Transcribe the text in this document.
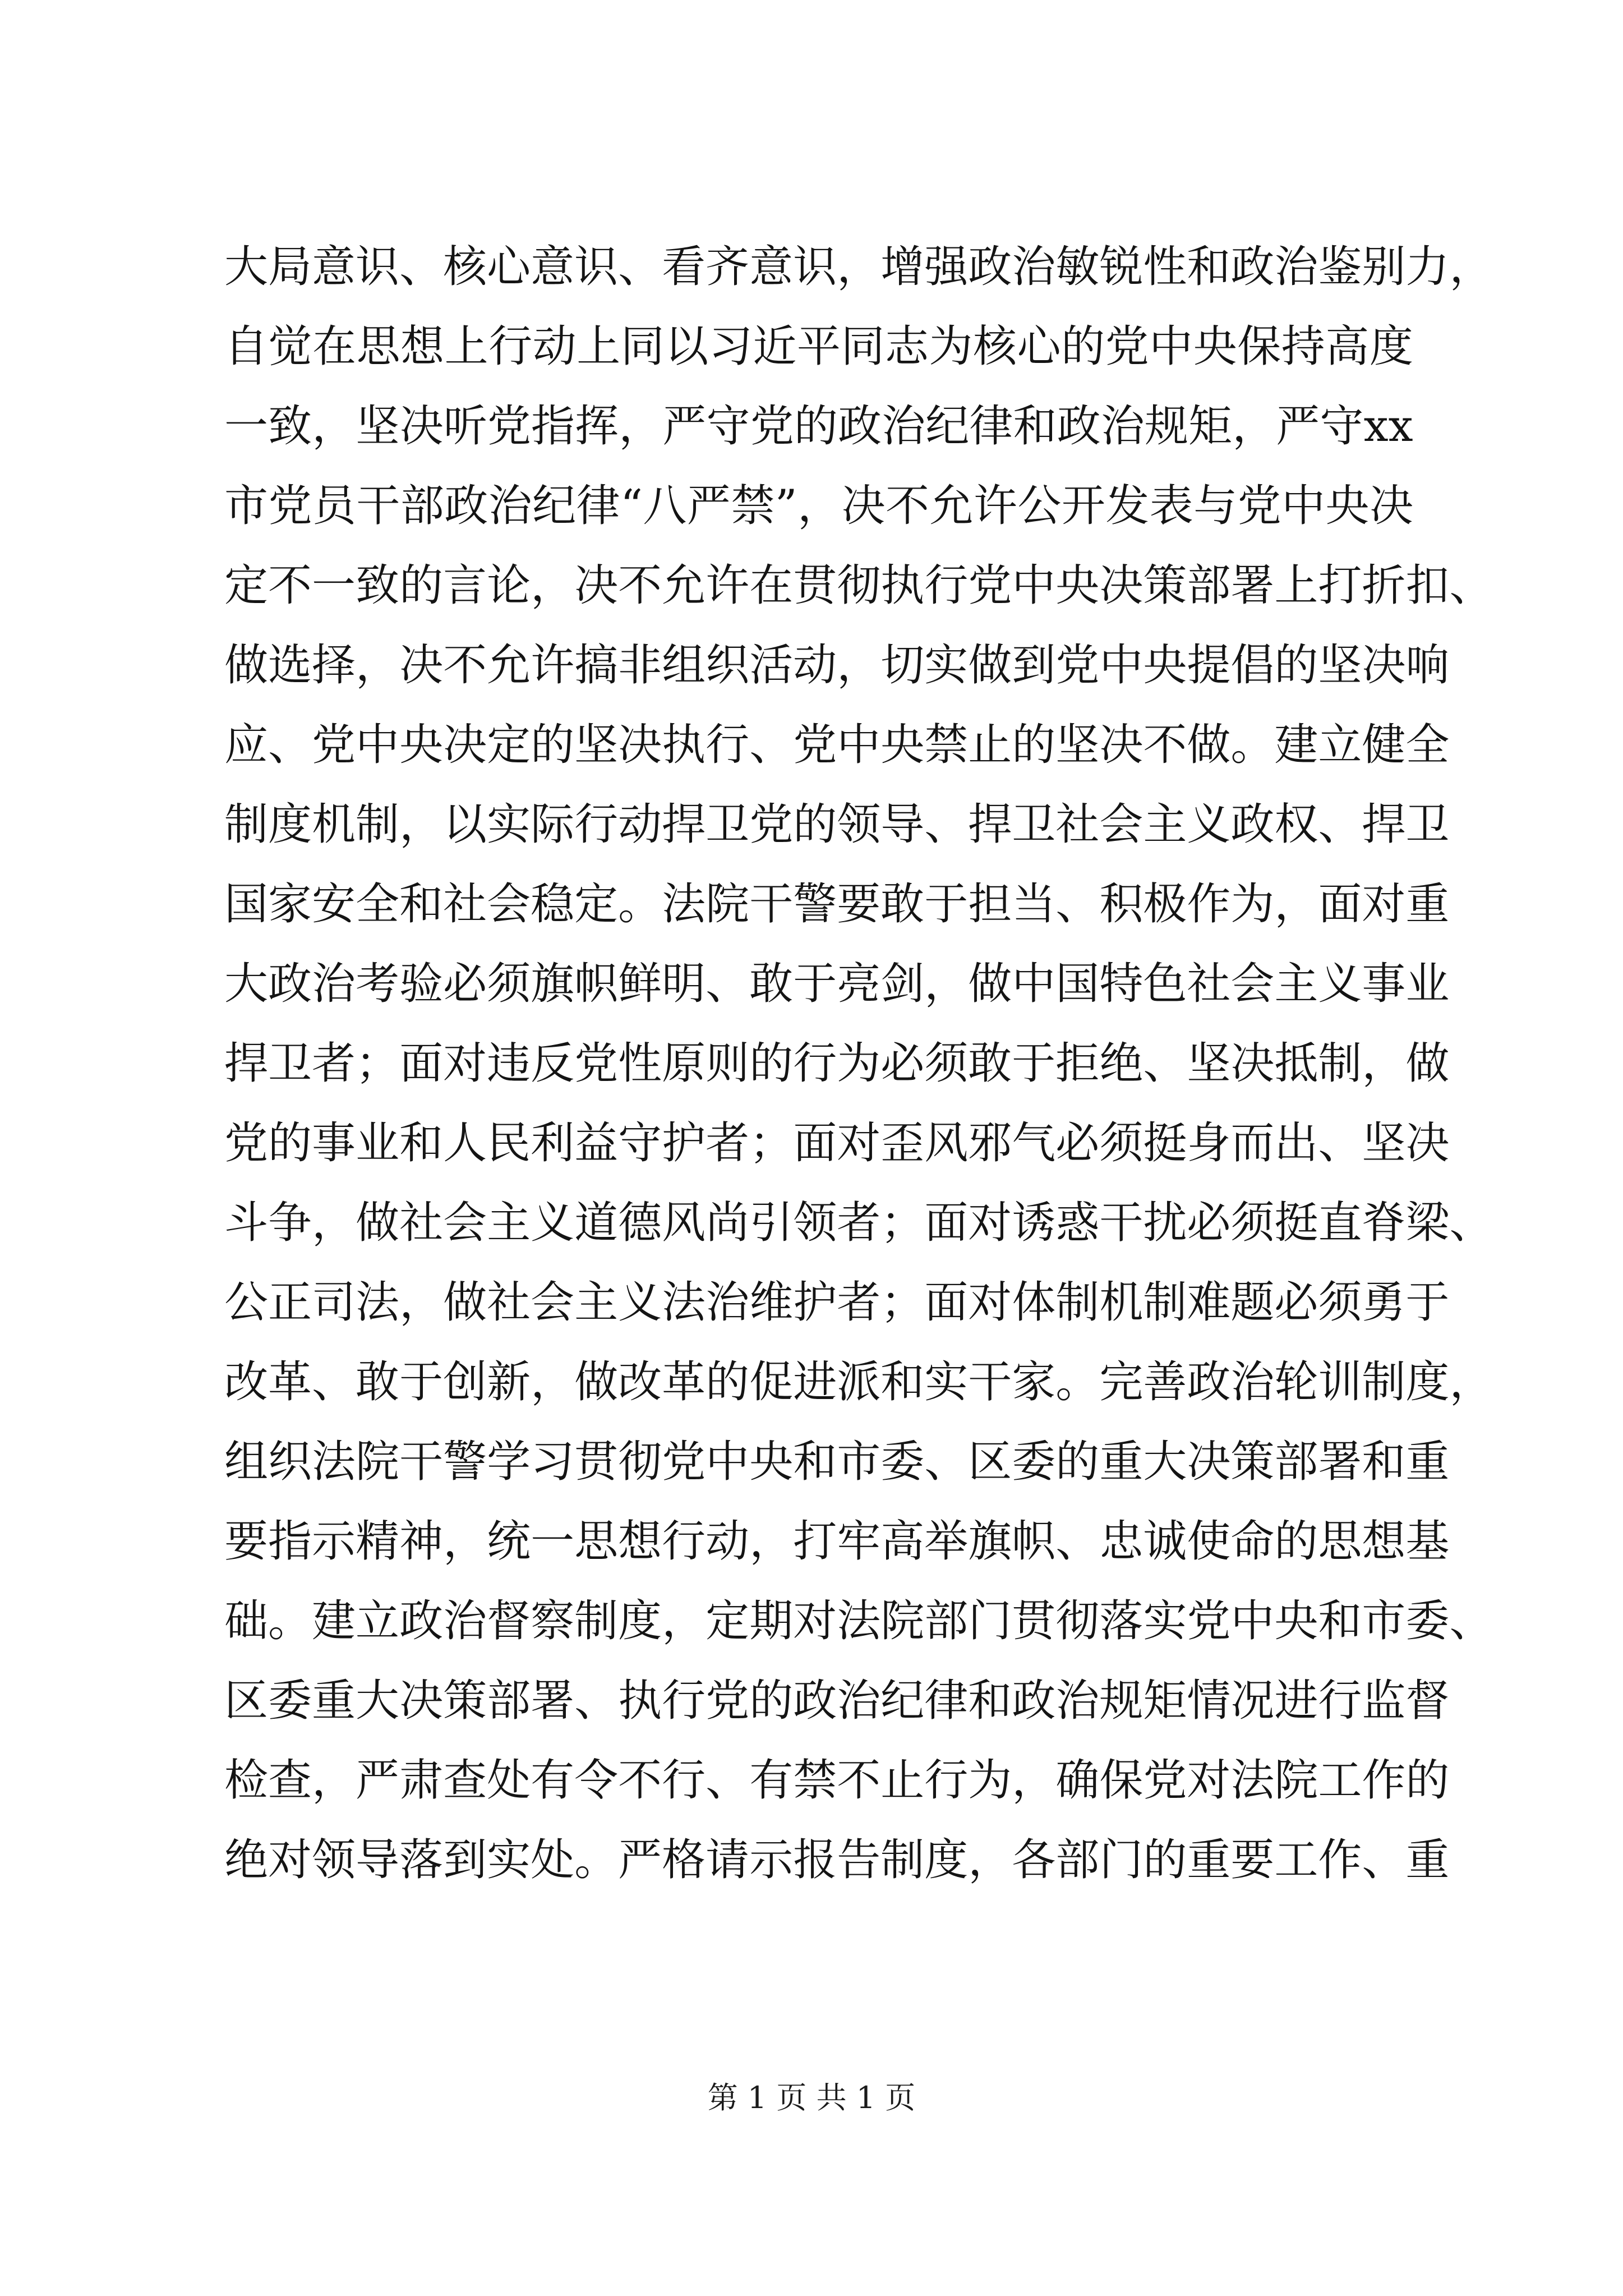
大 局 意 识 、 核 心 意 识 、 看 齐 意 识 ， 增 强 政 治 敏 锐 性 和 政 治 鉴 别 力 ，
自 觉 在 思 想 上 行 动 上 同 以 习 近 平 同 志 为 核 心 的 党 中 央 保 持 高 度
一 致 ， 坚 决 听 党 指 挥 ， 严 守 党 的 政 治 纪 律 和 政 治 规 矩 ， 严 守 xx
市 党 员 干 部 政 治 纪 律 “ 八 严 禁 ” ， 决 不 允 许 公 开 发 表 与 党 中 央 决
定 不 一 致 的 言 论 ， 决 不 允 许 在 贯 彻 执 行 党 中 央 决 策 部 署 上 打 折 扣 、
做 选 择 ， 决 不 允 许 搞 非 组 织 活 动 ， 切 实 做 到 党 中 央 提 倡 的 坚 决 响
应 、 党 中 央 决 定 的 坚 决 执 行 、 党 中 央 禁 止 的 坚 决 不 做 。 建 立 健 全
制 度 机 制 ， 以 实 际 行 动 捍 卫 党 的 领 导 、 捍 卫 社 会 主 义 政 权 、 捍 卫
国 家 安 全 和 社 会 稳 定 。 法 院 干 警 要 敢 于 担 当 、 积 极 作 为 ， 面 对 重
大 政 治 考 验 必 须 旗 帜 鲜 明 、 敢 于 亮 剑 ， 做 中 国 特 色 社 会 主 义 事 业
捍 卫 者 ； 面 对 违 反 党 性 原 则 的 行 为 必 须 敢 于 拒 绝 、 坚 决 抵 制 ， 做
党 的 事 业 和 人 民 利 益 守 护 者 ； 面 对 歪 风 邪 气 必 须 挺 身 而 出 、 坚 决
斗 争 ， 做 社 会 主 义 道 德 风 尚 引 领 者 ； 面 对 诱 惑 干 扰 必 须 挺 直 脊 梁 、
公 正 司 法 ， 做 社 会 主 义 法 治 维 护 者 ； 面 对 体 制 机 制 难 题 必 须 勇 于
改 革 、 敢 于 创 新 ， 做 改 革 的 促 进 派 和 实 干 家 。 完 善 政 治 轮 训 制 度 ，
组 织 法 院 干 警 学 习 贯 彻 党 中 央 和 市 委 、 区 委 的 重 大 决 策 部 署 和 重
要 指 示 精 神 ， 统 一 思 想 行 动 ， 打 牢 高 举 旗 帜 、 忠 诚 使 命 的 思 想 基
础 。 建 立 政 治 督 察 制 度 ， 定 期 对 法 院 部 门 贯 彻 落 实 党 中 央 和 市 委 、
区 委 重 大 决 策 部 署 、 执 行 党 的 政 治 纪 律 和 政 治 规 矩 情 况 进 行 监 督
检 查 ， 严 肃 查 处 有 令 不 行 、 有 禁 不 止 行 为 ， 确 保 党 对 法 院 工 作 的
绝 对 领 导 落 到 实 处 。 严 格 请 示 报 告 制 度 ， 各 部 门 的 重 要 工 作 、 重
第 1 页 共 1 页
